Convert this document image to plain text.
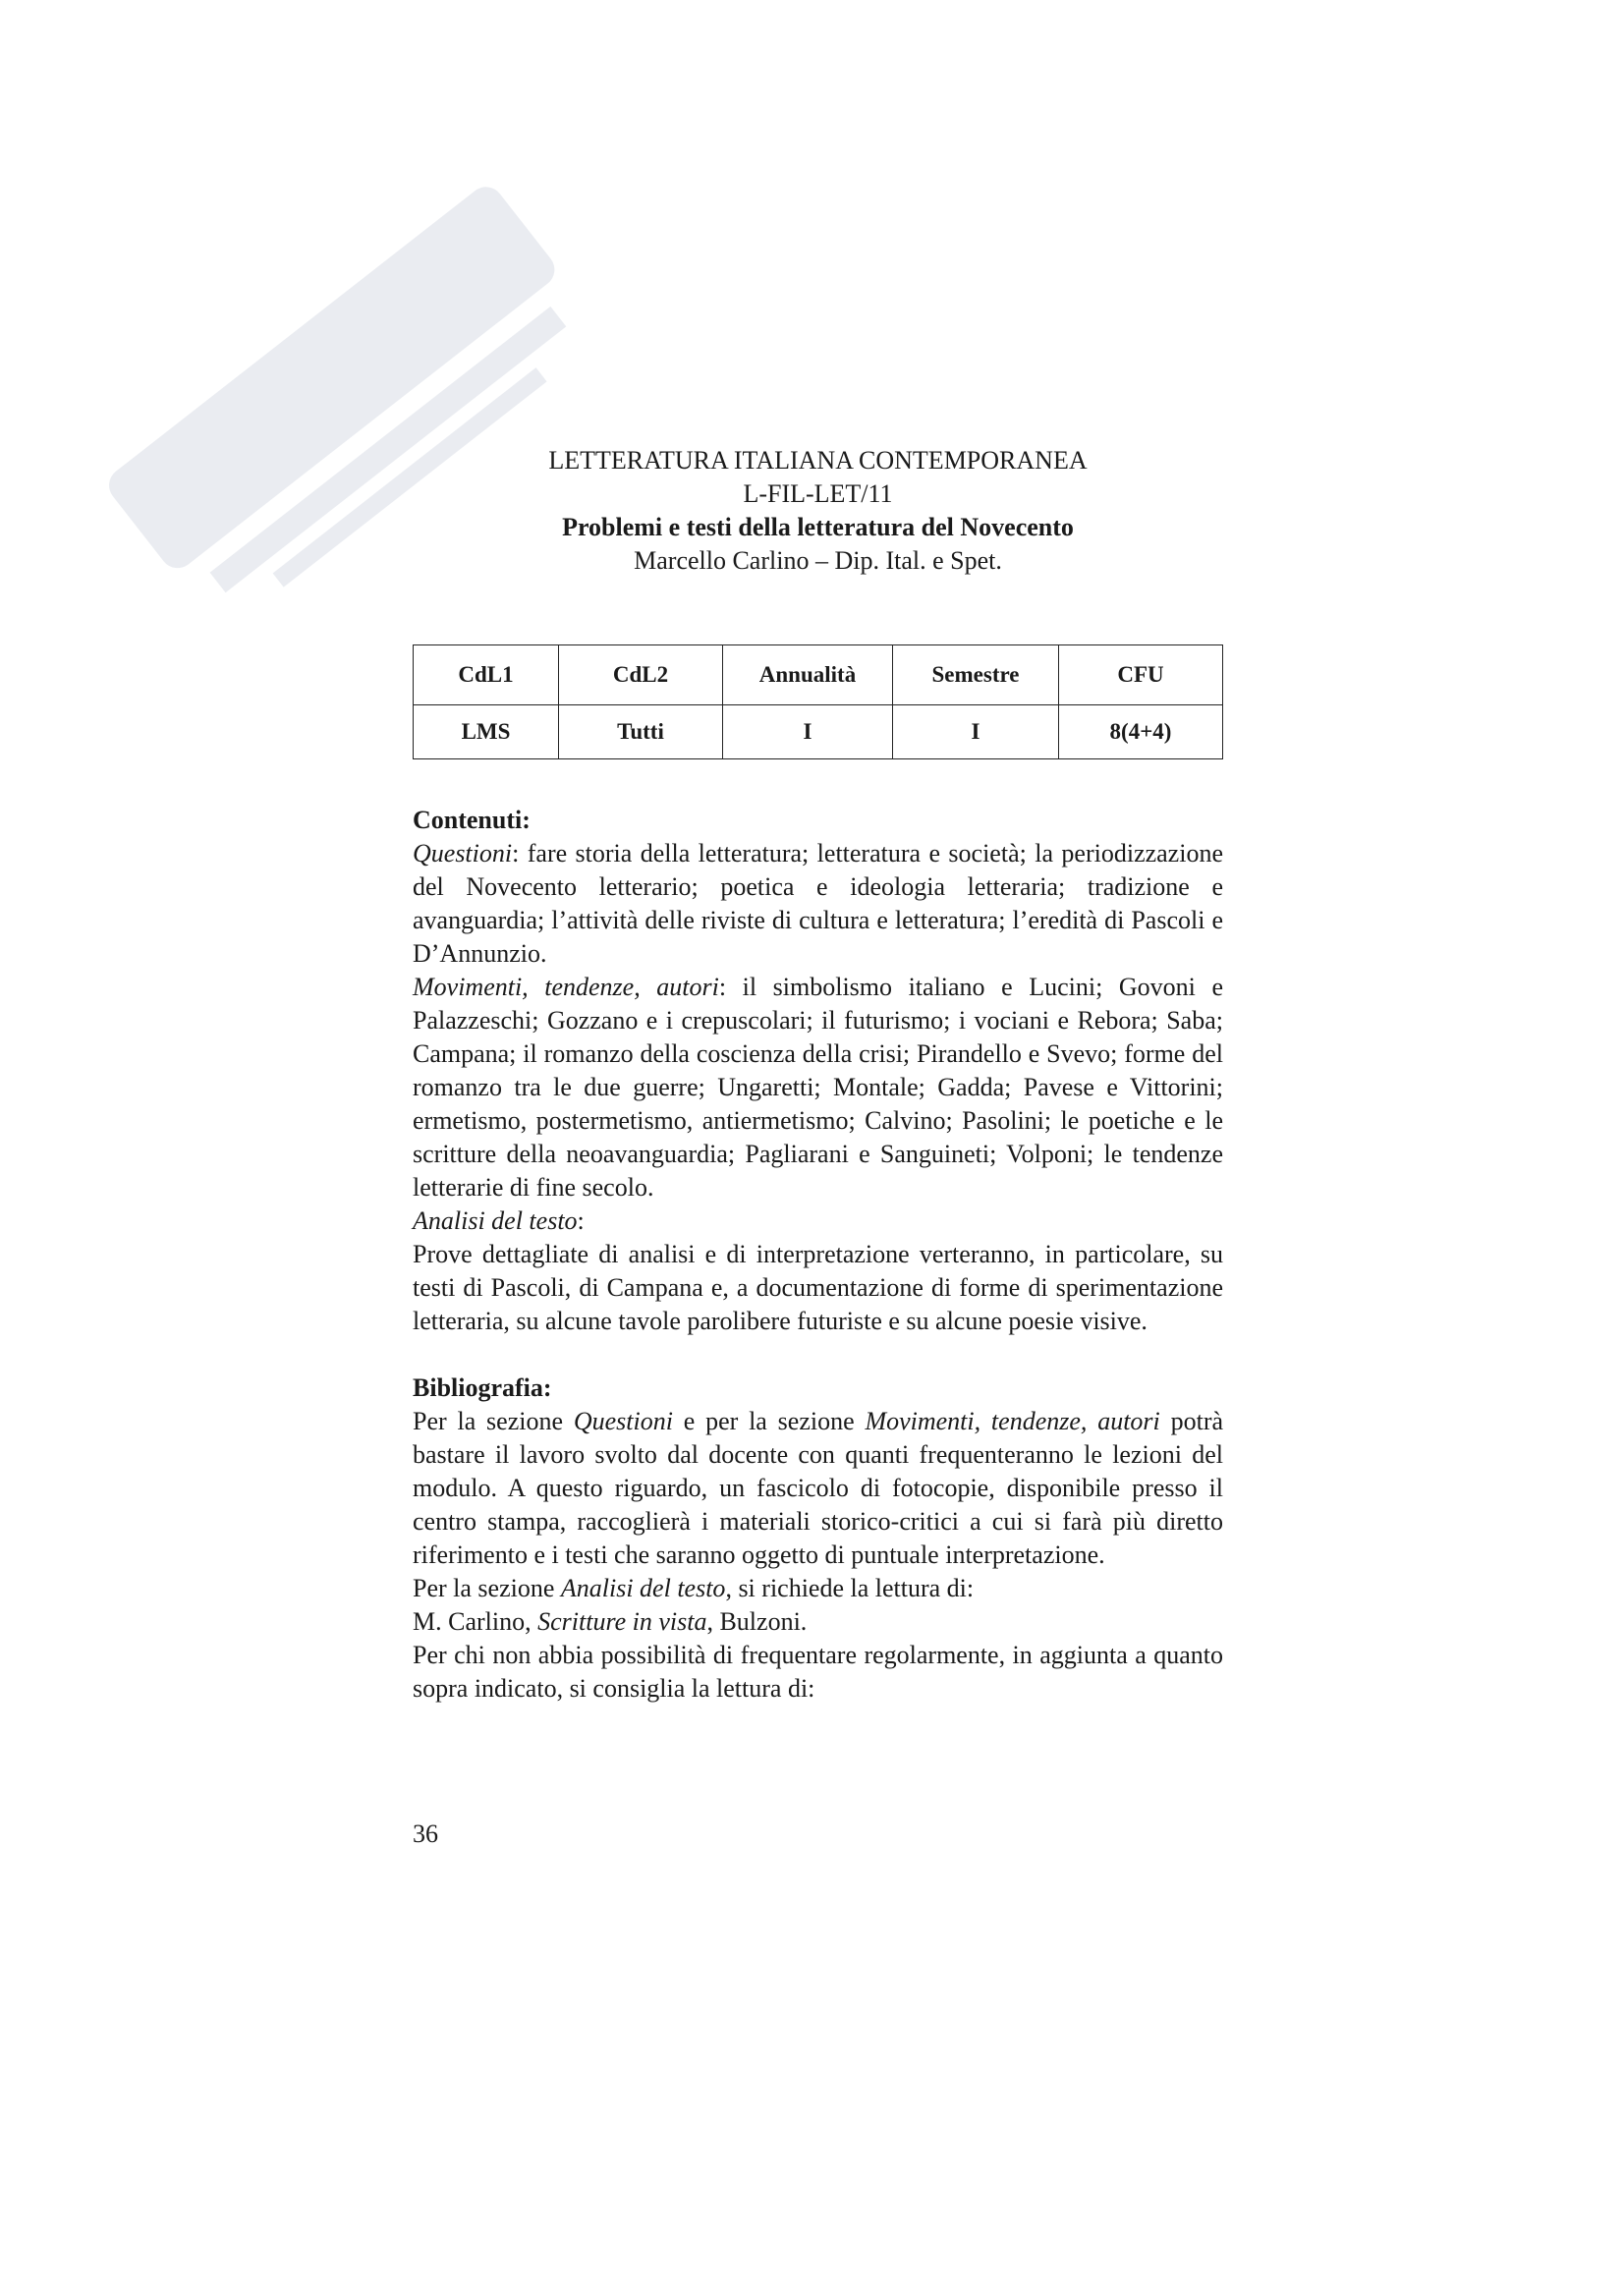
LETTERATURA ITALIANA CONTEMPORANEA
L-FIL-LET/11
Problemi e testi della letteratura del Novecento
Marcello Carlino – Dip. Ital. e Spet.
CdL1	CdL2	Annualità	Semestre	CFU
LMS	Tutti	I	I	8(4+4)
Contenuti:
Questioni: fare storia della letteratura; letteratura e società; la periodizzazione del Novecento letterario; poetica e ideologia letteraria; tradizione e avanguardia; l’attività delle riviste di cultura e letteratura; l’eredità di Pascoli e D’Annunzio.
Movimenti, tendenze, autori: il simbolismo italiano e Lucini; Govoni e Palazzeschi; Gozzano e i crepuscolari; il futurismo; i vociani e Rebora; Saba; Campana; il romanzo della coscienza della crisi; Pirandello e Svevo; forme del romanzo tra le due guerre; Ungaretti; Montale; Gadda; Pavese e Vittorini; ermetismo, postermetismo, antiermetismo; Calvino; Pasolini; le poetiche e le scritture della neoavanguardia; Pagliarani e Sanguineti; Volponi; le tendenze letterarie di fine secolo.
Analisi del testo:
Prove dettagliate di analisi e di interpretazione verteranno, in particolare, su testi di Pascoli, di Campana e, a documentazione di forme di sperimentazione letteraria, su alcune tavole parolibere futuriste e su alcune poesie visive.
Bibliografia:
Per la sezione Questioni e per la sezione Movimenti, tendenze, autori potrà bastare il lavoro svolto dal docente con quanti frequenteranno le lezioni del modulo. A questo riguardo, un fascicolo di fotocopie, disponibile presso il centro stampa, raccoglierà i materiali storico-critici a cui si farà più diretto riferimento e i testi che saranno oggetto di puntuale interpretazione.
Per la sezione Analisi del testo, si richiede la lettura di:
M. Carlino, Scritture in vista, Bulzoni.
Per chi non abbia possibilità di frequentare regolarmente, in aggiunta a quanto sopra indicato, si consiglia la lettura di:
36
